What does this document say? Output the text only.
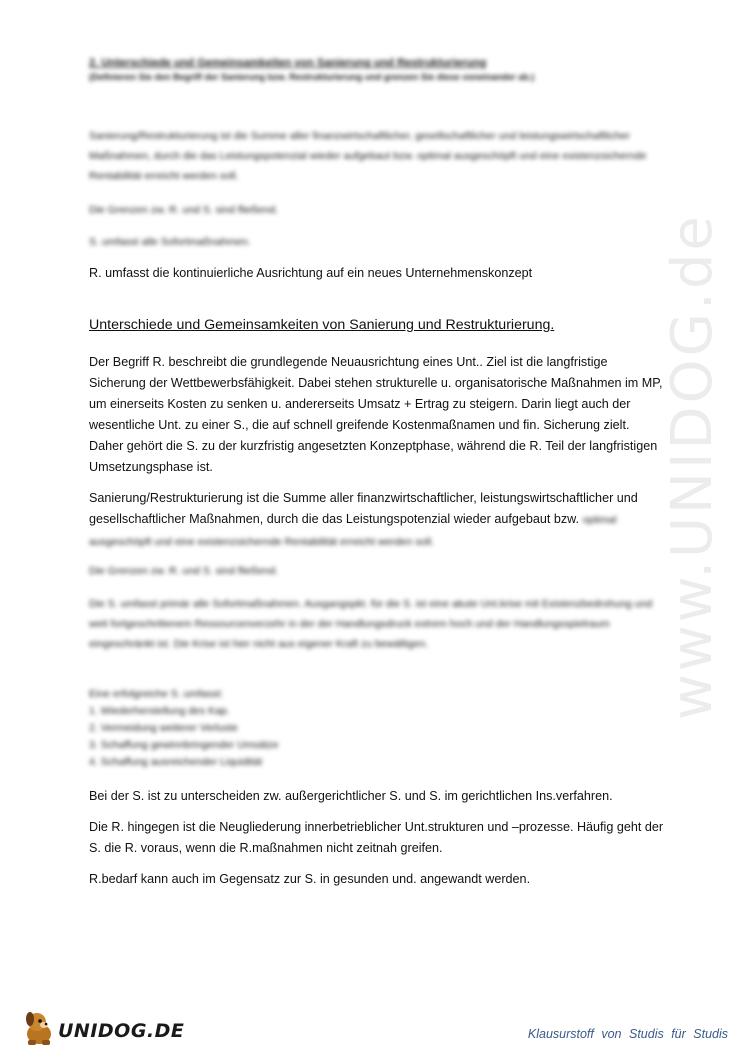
www.UNIDOG.de
2. Unterschiede und Gemeinsamkeiten von Sanierung und Restrukturierung
(Definieren Sie den Begriff der Sanierung bzw. Restrukturierung und grenzen Sie diese voneinander ab.)

Sanierung/Restrukturierung ist die Summe aller finanzwirtschaftlicher, gesellschaftlicher und leistungswirtschaftlicher Maßnahmen, durch die das Leistungspotenzial wieder aufgebaut bzw. optimal ausgeschöpft und eine existenzsichernde Rentabilität erreicht werden soll.

Die Grenzen zw. R. und S. sind fließend.

S. umfasst alle Sofortmaßnahmen.

R. umfasst die kontinuierliche Ausrichtung auf ein neues Unternehmenskonzept

Unterschiede und Gemeinsamkeiten von Sanierung und Restrukturierung.

Der Begriff R. beschreibt die grundlegende Neuausrichtung eines Unt.. Ziel ist die langfristige Sicherung der Wettbewerbsfähigkeit. Dabei stehen strukturelle u. organisatorische Maßnahmen im MP, um einerseits Kosten zu senken u. andererseits Umsatz + Ertrag zu steigern. Darin liegt auch der wesentliche Unt. zu einer S., die auf schnell greifende Kostenmaßnamen und fin. Sicherung zielt. Daher gehört die S. zu der kurzfristig angesetzten Konzeptphase, während die R. Teil der langfristigen Umsetzungsphase ist.

Sanierung/Restrukturierung ist die Summe aller finanzwirtschaftlicher, leistungswirtschaftlicher und gesellschaftlicher Maßnahmen, durch die das Leistungspotenzial wieder aufgebaut bzw. optimal ausgeschöpft und eine existenzsichernde Rentabilität erreicht werden soll.

Die Grenzen zw. R. und S. sind fließend.

Die S. umfasst primär alle Sofortmaßnahmen. Ausgangspkt. für die S. ist eine akute Unt.krise mit Existenzbedrohung und weit fortgeschrittenem Ressourcenverzehr in der der Handlungsdruck extrem hoch und der Handlungsspielraum eingeschränkt ist. Die Krise ist hier nicht aus eigener Kraft zu bewältigen.

Eine erfolgreiche S. umfasst:
1. Wiederherstellung des Kap.
2. Vermeidung weiterer Verluste
3. Schaffung gewinnbringender Umsätze
4. Schaffung ausreichender Liquidität

Bei der S. ist zu unterscheiden zw. außergerichtlicher S. und S. im gerichtlichen Ins.verfahren.

Die R. hingegen ist die Neugliederung innerbetrieblicher Unt.strukturen und –prozesse. Häufig geht der S. die R. voraus, wenn die R.maßnahmen nicht zeitnah greifen.

R.bedarf kann auch im Gegensatz zur S. in gesunden und. angewandt werden.

UNIDOG.DE	Klausurstoff von Studis für Studis
